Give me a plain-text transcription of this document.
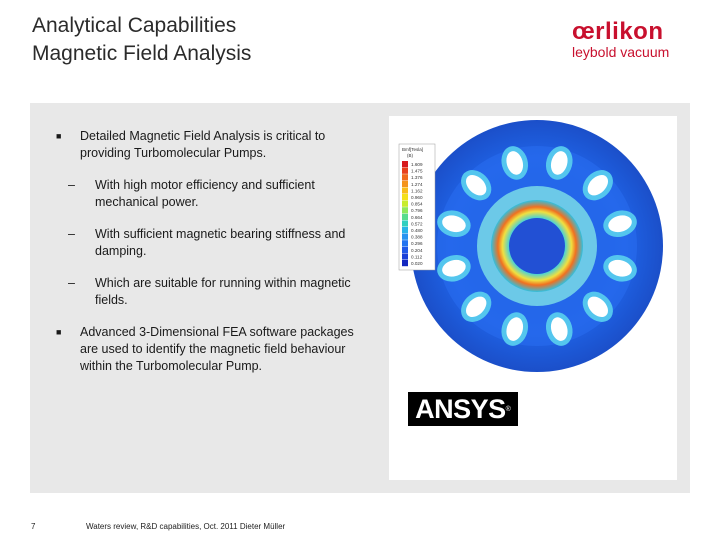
Analytical Capabilities
Magnetic Field Analysis
œrlikon
leybold vacuum
■ Detailed Magnetic Field Analysis is critical to providing Turbomolecular Pumps.
– With high motor efficiency and sufficient mechanical power.
– With sufficient magnetic bearing stiffness and damping.
– Which are suitable for running within magnetic fields.
■ Advanced 3-Dimensional FEA software packages are used to identify the magnetic field behaviour within the Turbomolecular Pump.
Bmf[Tesla]
(B)
1.609
1.475
1.376
1.274
1.162
0.960
0.854
0.796
0.664
0.572
0.480
0.388
0.296
0.204
0.112
0.020
ANSYS ®
7	Waters review, R&D capabilities, Oct. 2011 Dieter Müller
